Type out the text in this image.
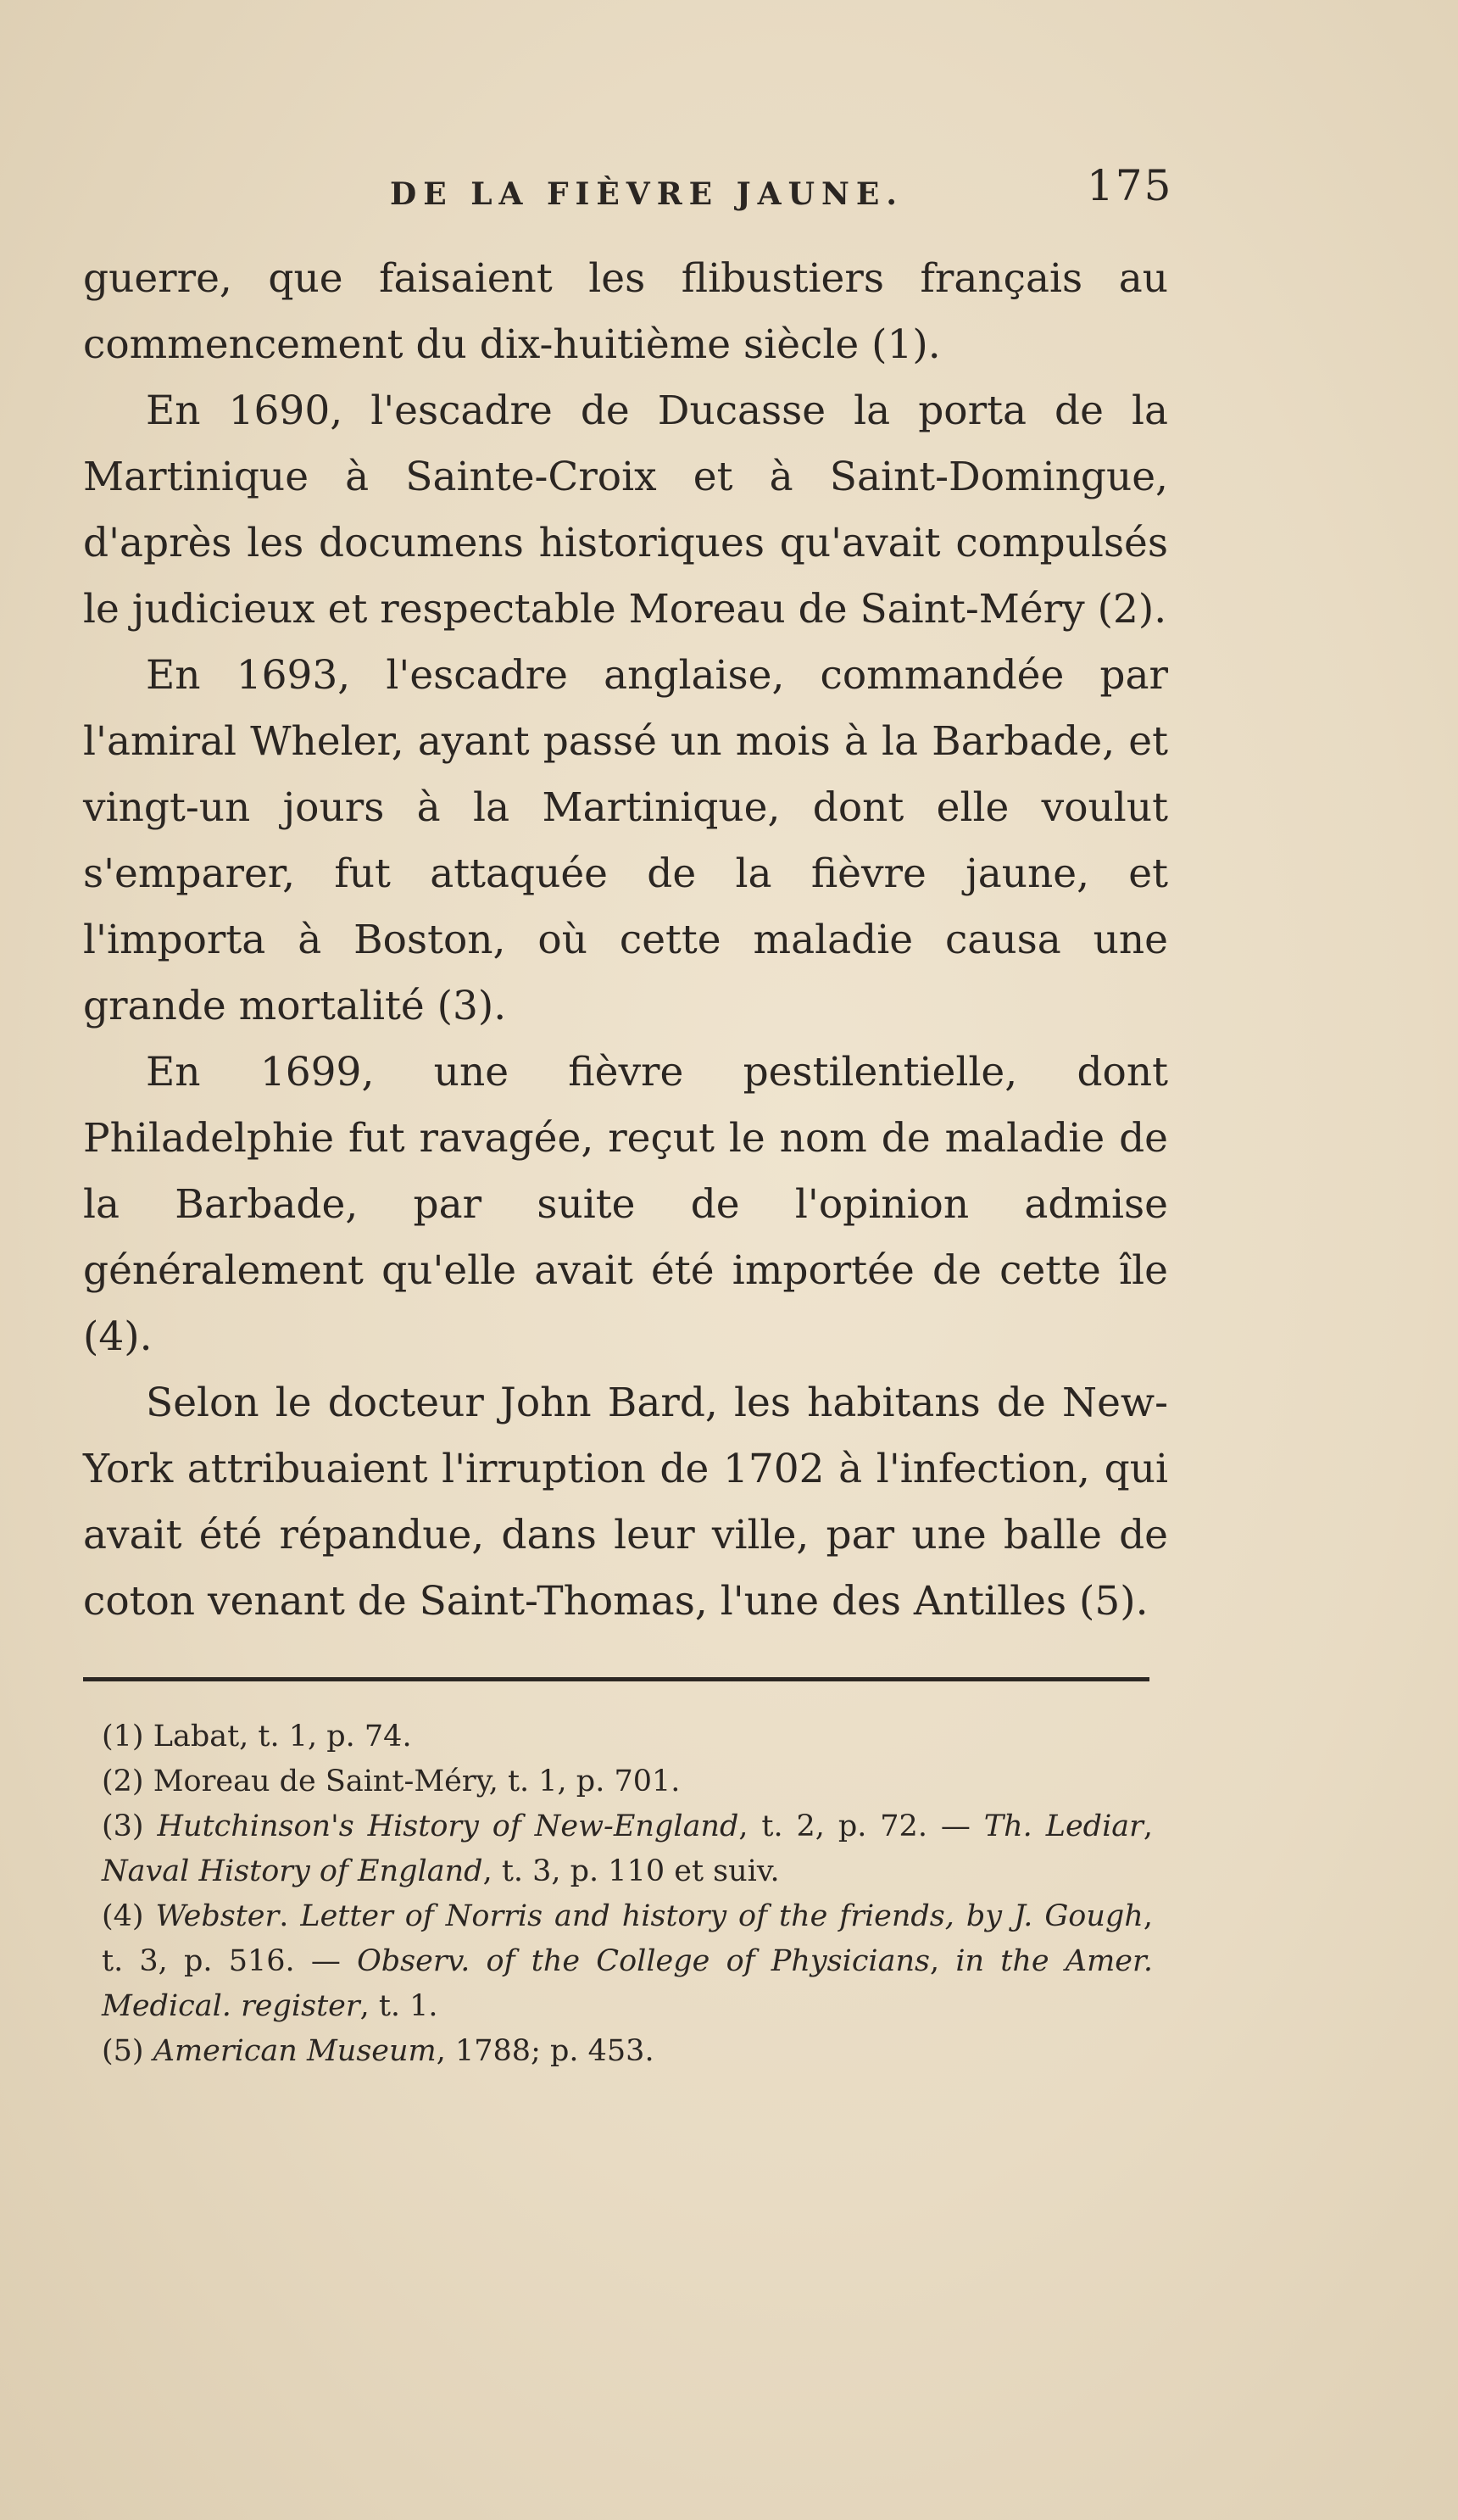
DE LA FIÈVRE JAUNE.	175

guerre, que faisaient les flibustiers français au commencement du dix-huitième siècle (1).

En 1690, l'escadre de Ducasse la porta de la Martinique à Sainte-Croix et à Saint-Domingue, d'après les documens historiques qu'avait compulsés le judicieux et respectable Moreau de Saint-Méry (2).

En 1693, l'escadre anglaise, commandée par l'amiral Wheler, ayant passé un mois à la Barbade, et vingt-un jours à la Martinique, dont elle voulut s'emparer, fut attaquée de la fièvre jaune, et l'importa à Boston, où cette maladie causa une grande mortalité (3).

En 1699, une fièvre pestilentielle, dont Philadelphie fut ravagée, reçut le nom de maladie de la Barbade, par suite de l'opinion admise généralement qu'elle avait été importée de cette île (4).

Selon le docteur John Bard, les habitans de New-York attribuaient l'irruption de 1702 à l'infection, qui avait été répandue, dans leur ville, par une balle de coton venant de Saint-Thomas, l'une des Antilles (5).

(1) Labat, t. 1, p. 74.

(2) Moreau de Saint-Méry, t. 1, p. 701.

(3) Hutchinson's History of New-England, t. 2, p. 72. — Th. Lediar, Naval History of England, t. 3, p. 110 et suiv.

(4) Webster. Letter of Norris and history of the friends, by J. Gough, t. 3, p. 516. — Observ. of the College of Physicians, in the Amer. Medical. register, t. 1.

(5) American Museum, 1788; p. 453.
